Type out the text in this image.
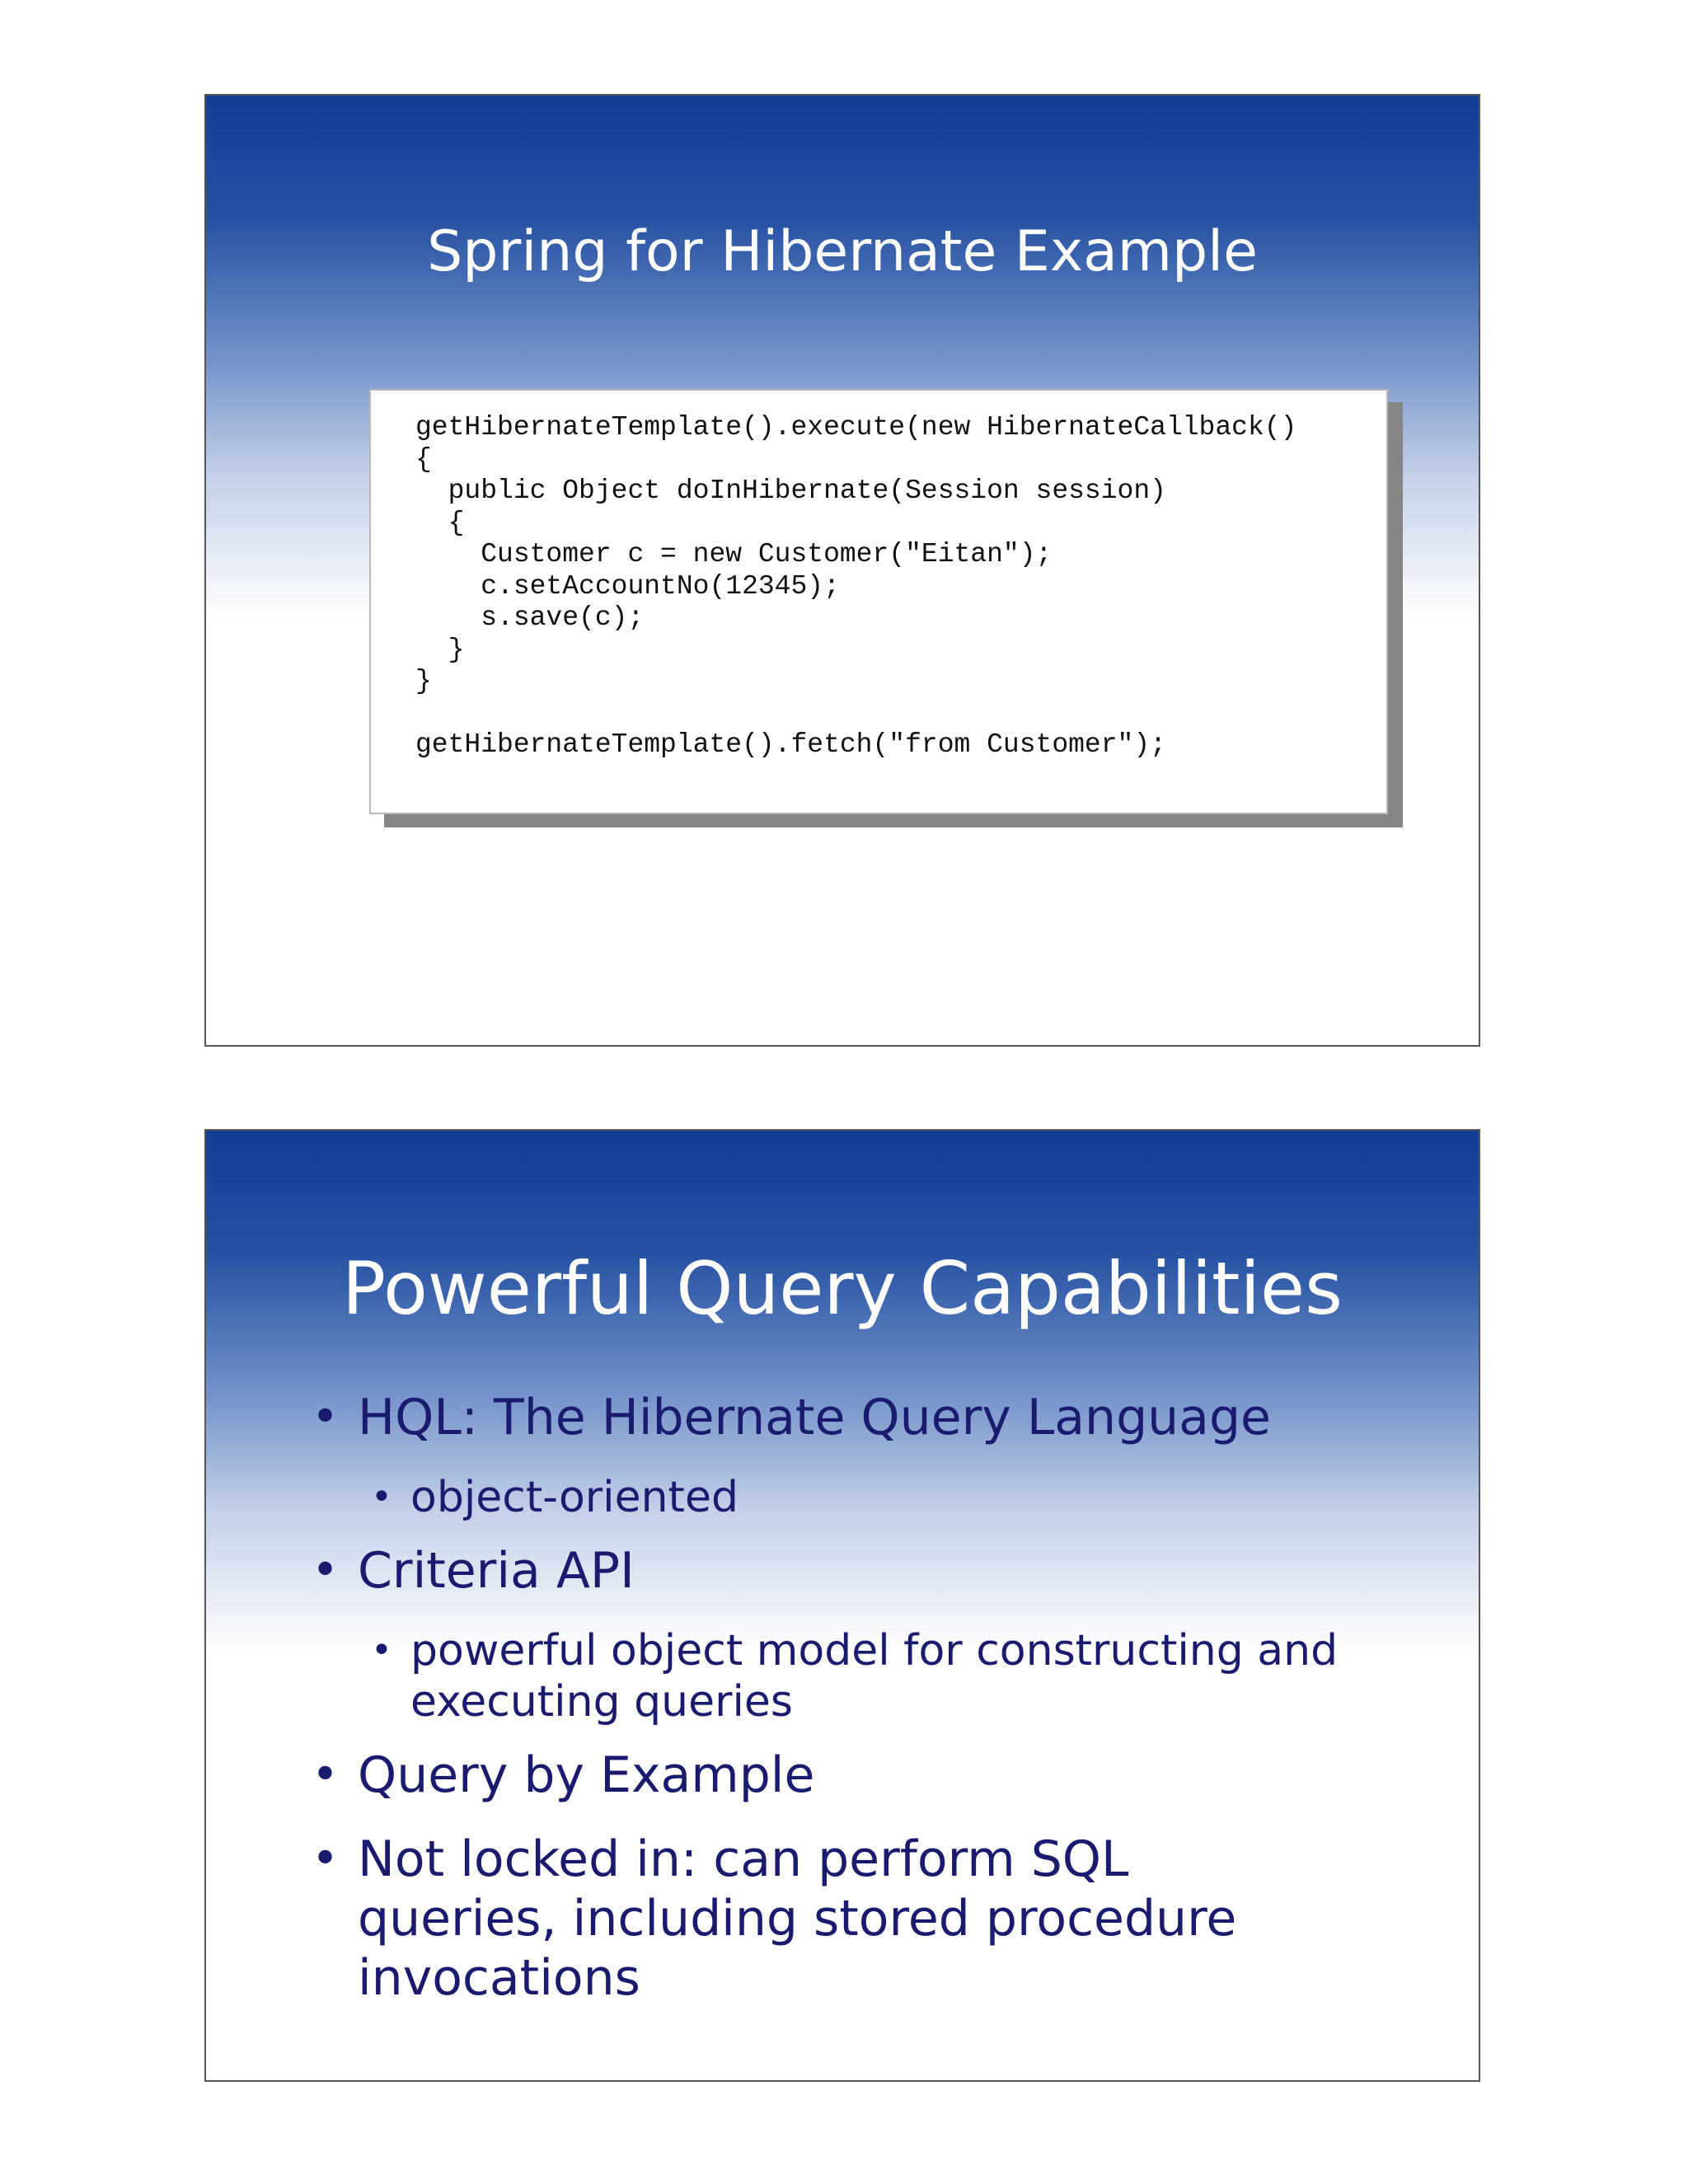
Spring for Hibernate Example
getHibernateTemplate().execute(new HibernateCallback()
{
public Object doInHibernate(Session session)
{
Customer c = new Customer("Eitan");
c.setAccountNo(12345);
s.save(c);
}
}
getHibernateTemplate().fetch("from Customer");
Powerful Query Capabilities
• HQL: The Hibernate Query Language
• object-oriented
• Criteria API
• powerful object model for constructing and
executing queries
• Query by Example
• Not locked in: can perform SQL
queries, including stored procedure
invocations
